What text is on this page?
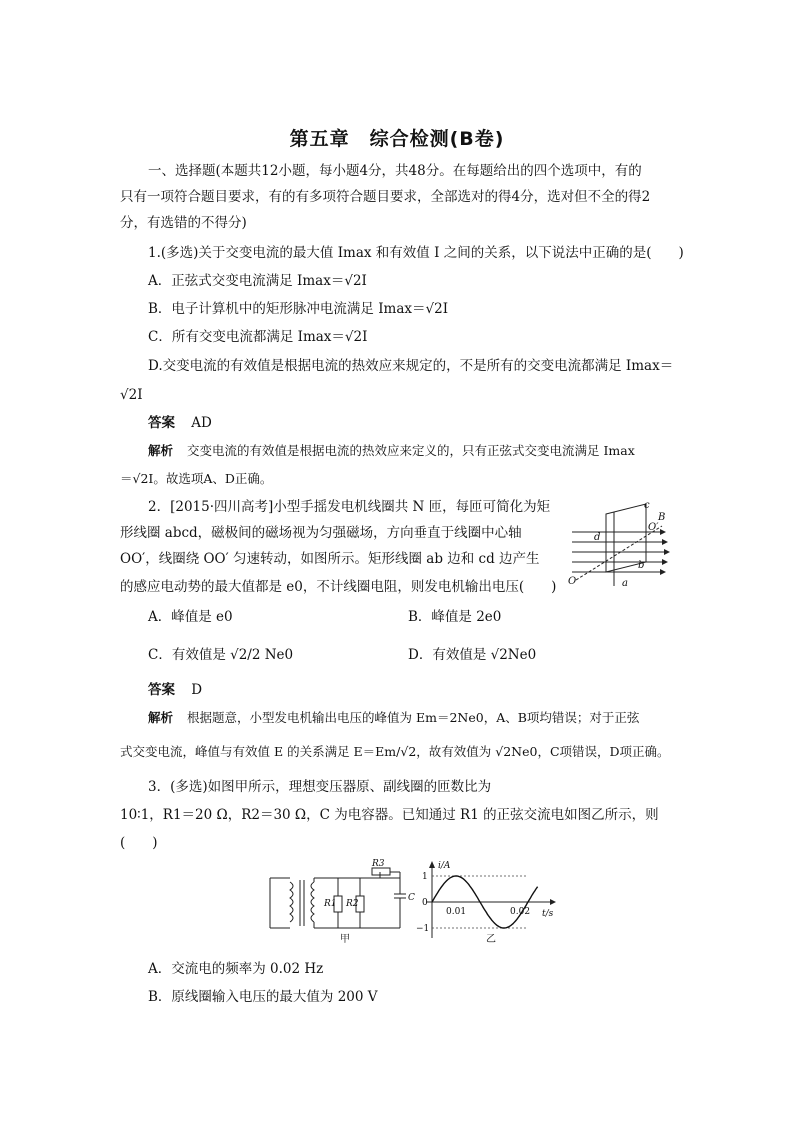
第五章　综合检测(B卷)
一、选择题(本题共12小题，每小题4分，共48分。在每题给出的四个选项中，有的
只有一项符合题目要求，有的有多项符合题目要求，全部选对的得4分，选对但不全的得2
分，有选错的不得分)
1.(多选)关于交变电流的最大值 Imax 和有效值 I 之间的关系，以下说法中正确的是(　　)
A．正弦式交变电流满足 Imax＝√2I
B．电子计算机中的矩形脉冲电流满足 Imax＝√2I
C．所有交变电流都满足 Imax＝√2I
D.交变电流的有效值是根据电流的热效应来规定的，不是所有的交变电流都满足 Imax＝
√2I
答案 AD
解析 交变电流的有效值是根据电流的热效应来定义的，只有正弦式交变电流满足 Imax
＝√2I。故选项A、D正确。
2．[2015·四川高考]小型手摇发电机线圈共 N 匝，每匝可简化为矩
形线圈 abcd，磁极间的磁场视为匀强磁场，方向垂直于线圈中心轴
OO′，线圈绕 OO′ 匀速转动，如图所示。矩形线圈 ab 边和 cd 边产生
的感应电动势的最大值都是 e0，不计线圈电阻，则发电机输出电压(　　)
c
B
O′
d
b
O	a
A．峰值是 e0	B．峰值是 2e0
C．有效值是 √2/2 Ne0	D．有效值是 √2Ne0
答案 D
解析 根据题意，小型发电机输出电压的峰值为 Em＝2Ne0，A、B项均错误；对于正弦
式交变电流，峰值与有效值 E 的关系满足 E＝Em/√2，故有效值为 √2Ne0，C项错误，D项正确。
3．(多选)如图甲所示，理想变压器原、副线圈的匝数比为
10∶1，R1＝20 Ω，R2＝30 Ω，C 为电容器。已知通过 R1 的正弦交流电如图乙所示，则
(　　)
R1 R2
R3
C
甲
i/A
t/s
1
0
−1
0.01	0.02
乙
A．交流电的频率为 0.02 Hz
B．原线圈输入电压的最大值为 200 V
